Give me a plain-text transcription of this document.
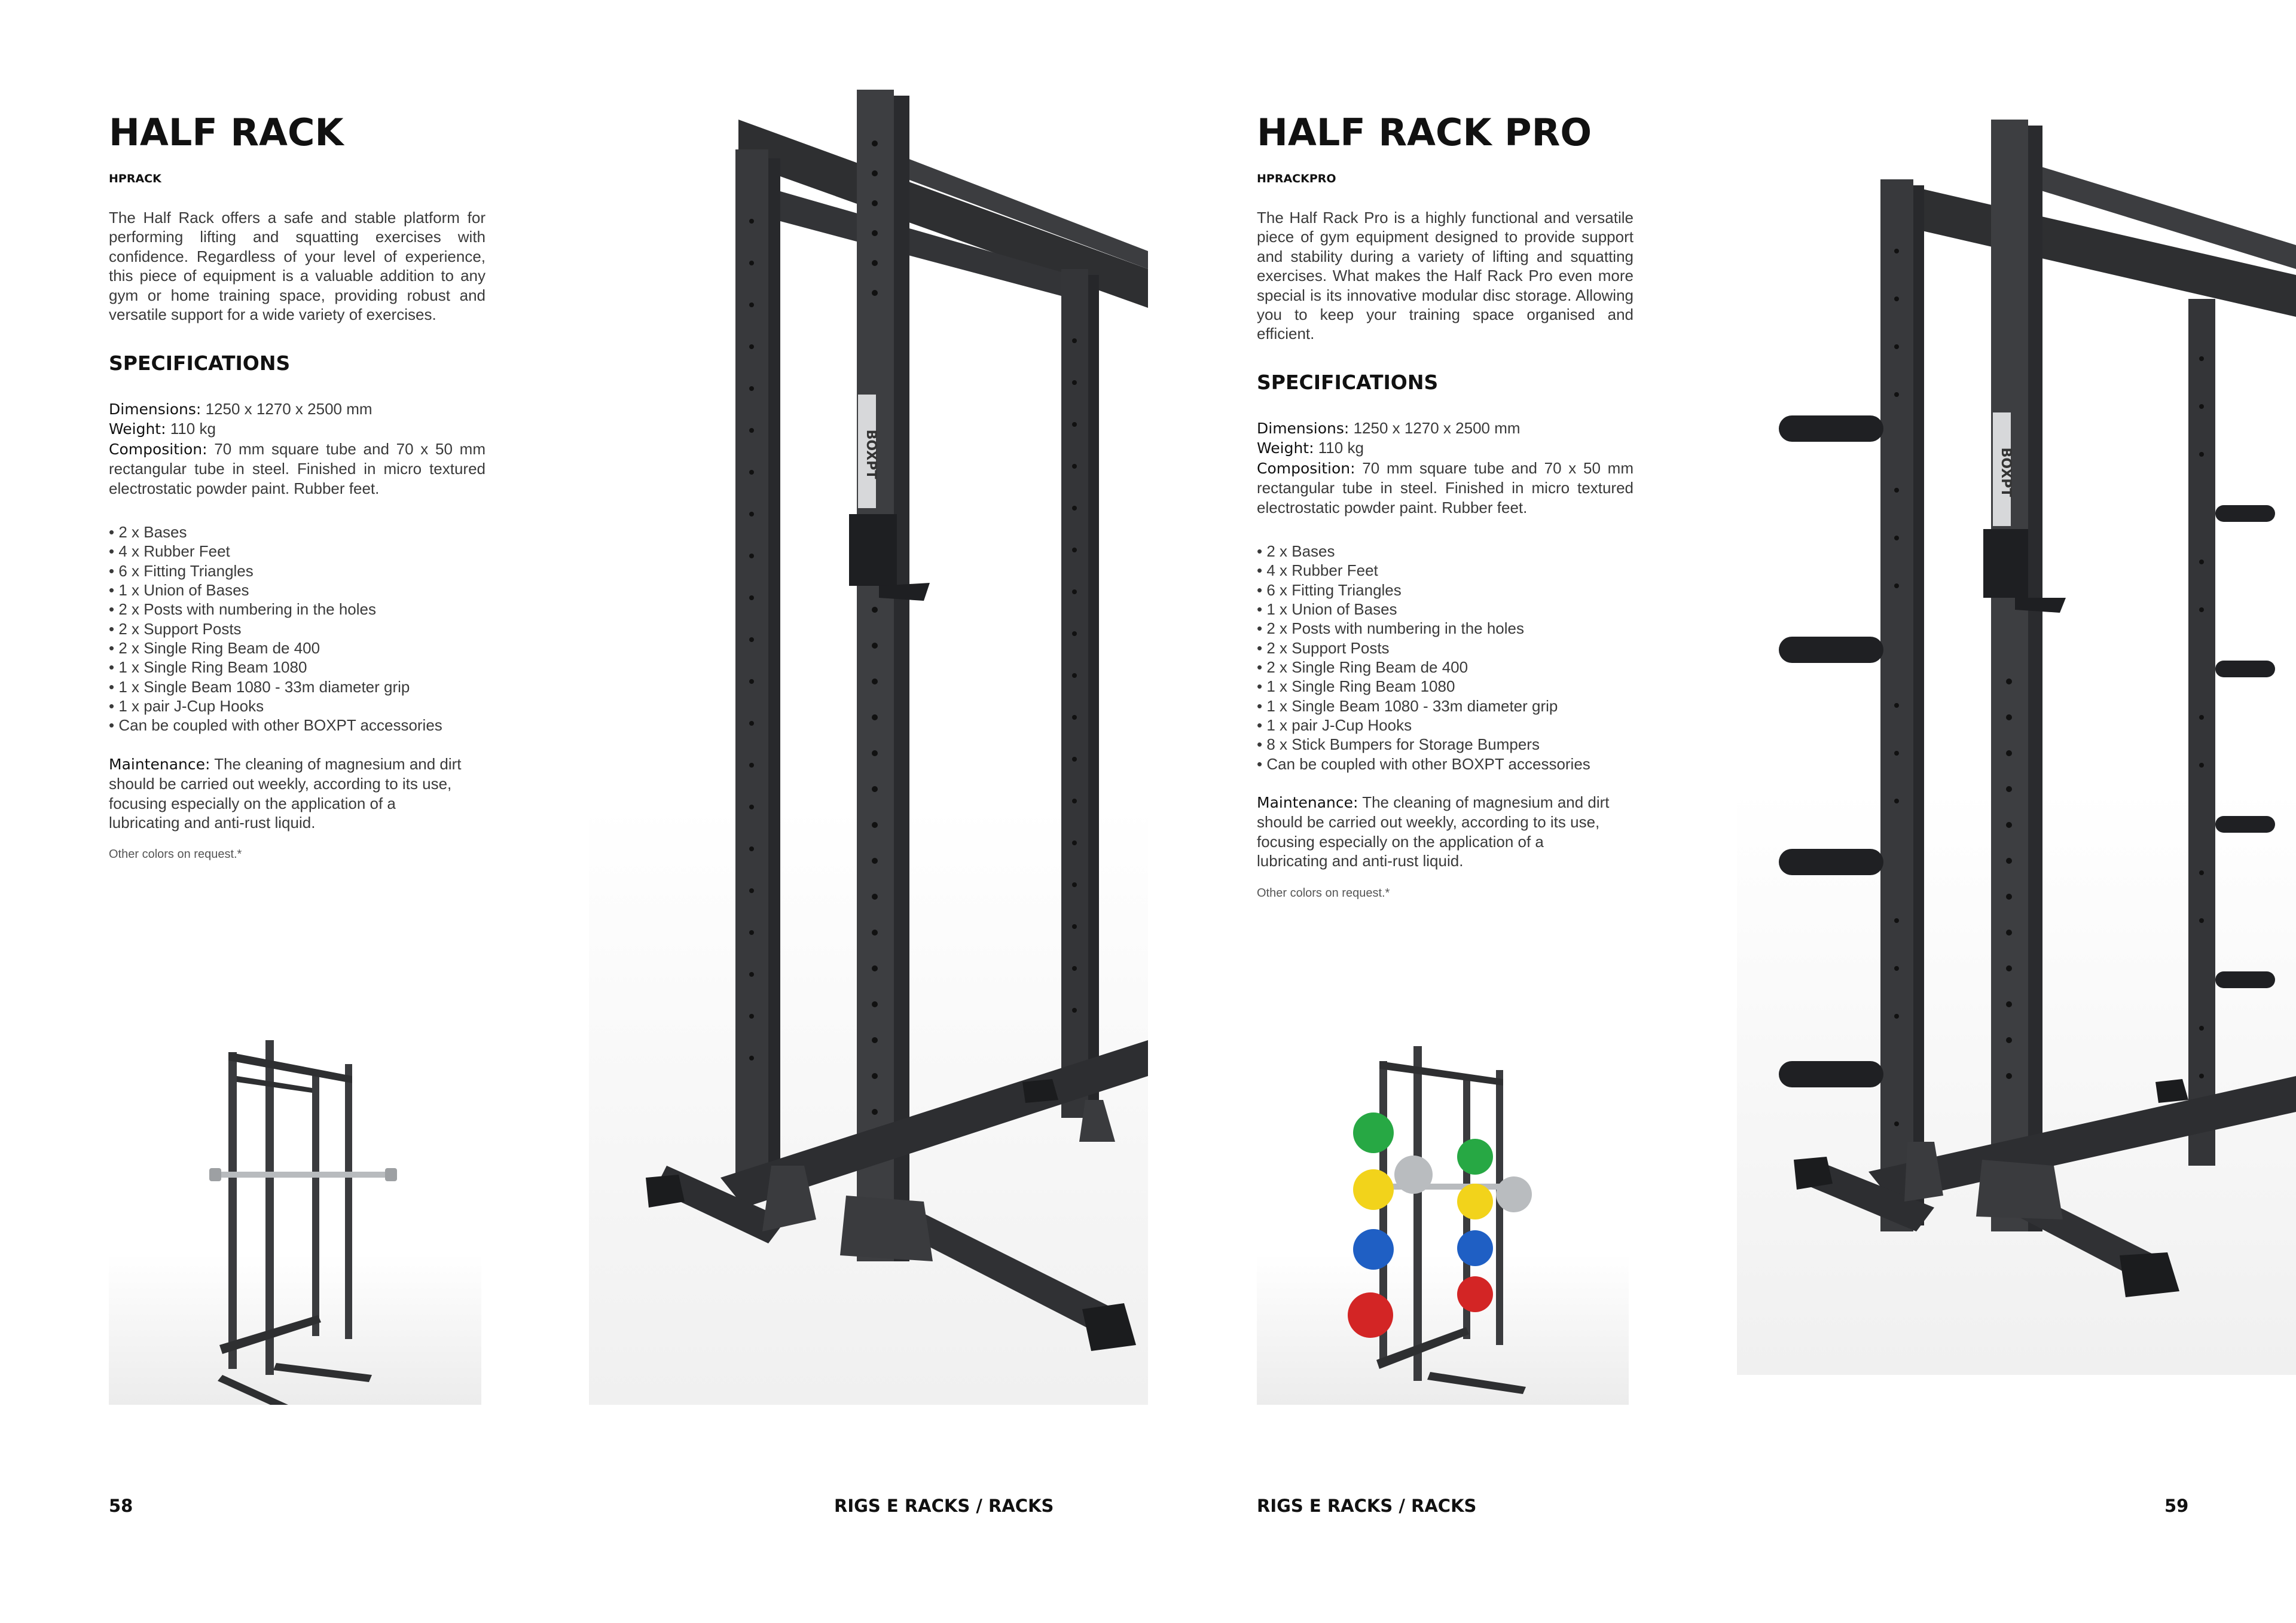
HALF RACK
HPRACK
The Half Rack offers a safe and stable platform for performing lifting and squatting exercises with confidence. Regardless of your level of experience, this piece of equipment is a valuable addition to any gym or home training space, providing robust and versatile support for a wide variety of exercises.
SPECIFICATIONS
Dimensions: 1250 x 1270 x 2500 mm
Weight: 110 kg
Composition: 70 mm square tube and 70 x 50 mm rectangular tube in steel. Finished in micro textured electrostatic powder paint. Rubber feet.
• 2 x Bases
• 4 x Rubber Feet
• 6 x Fitting Triangles
• 1 x Union of Bases
• 2 x Posts with numbering in the holes
• 2 x Support Posts
• 2 x Single Ring Beam de 400
• 1 x Single Ring Beam 1080
• 1 x Single Beam 1080 - 33m diameter grip
• 1 x pair J-Cup Hooks
• Can be coupled with other BOXPT accessories
Maintenance: The cleaning of magnesium and dirt should be carried out weekly, according to its use, focusing especially on the application of a lubricating and anti-rust liquid.
Other colors on request.*
HALF RACK PRO
HPRACKPRO
The Half Rack Pro is a highly functional and versatile piece of gym equipment designed to provide support and stability during a variety of lifting and squatting exercises. What makes the Half Rack Pro even more special is its innovative modular disc storage. Allowing you to keep your training space organised and efficient.
SPECIFICATIONS
Dimensions: 1250 x 1270 x 2500 mm
Weight: 110 kg
Composition: 70 mm square tube and 70 x 50 mm rectangular tube in steel. Finished in micro textured electrostatic powder paint. Rubber feet.
• 2 x Bases
• 4 x Rubber Feet
• 6 x Fitting Triangles
• 1 x Union of Bases
• 2 x Posts with numbering in the holes
• 2 x Support Posts
• 2 x Single Ring Beam de 400
• 1 x Single Ring Beam 1080
• 1 x Single Beam 1080 - 33m diameter grip
• 1 x pair J-Cup Hooks
• 8 x Stick Bumpers for Storage Bumpers
• Can be coupled with other BOXPT accessories
Maintenance: The cleaning of magnesium and dirt should be carried out weekly, according to its use, focusing especially on the application of a lubricating and anti-rust liquid.
Other colors on request.*
BOXPT	BOXPT
58	RIGS E RACKS / RACKS	RIGS E RACKS / RACKS	59
